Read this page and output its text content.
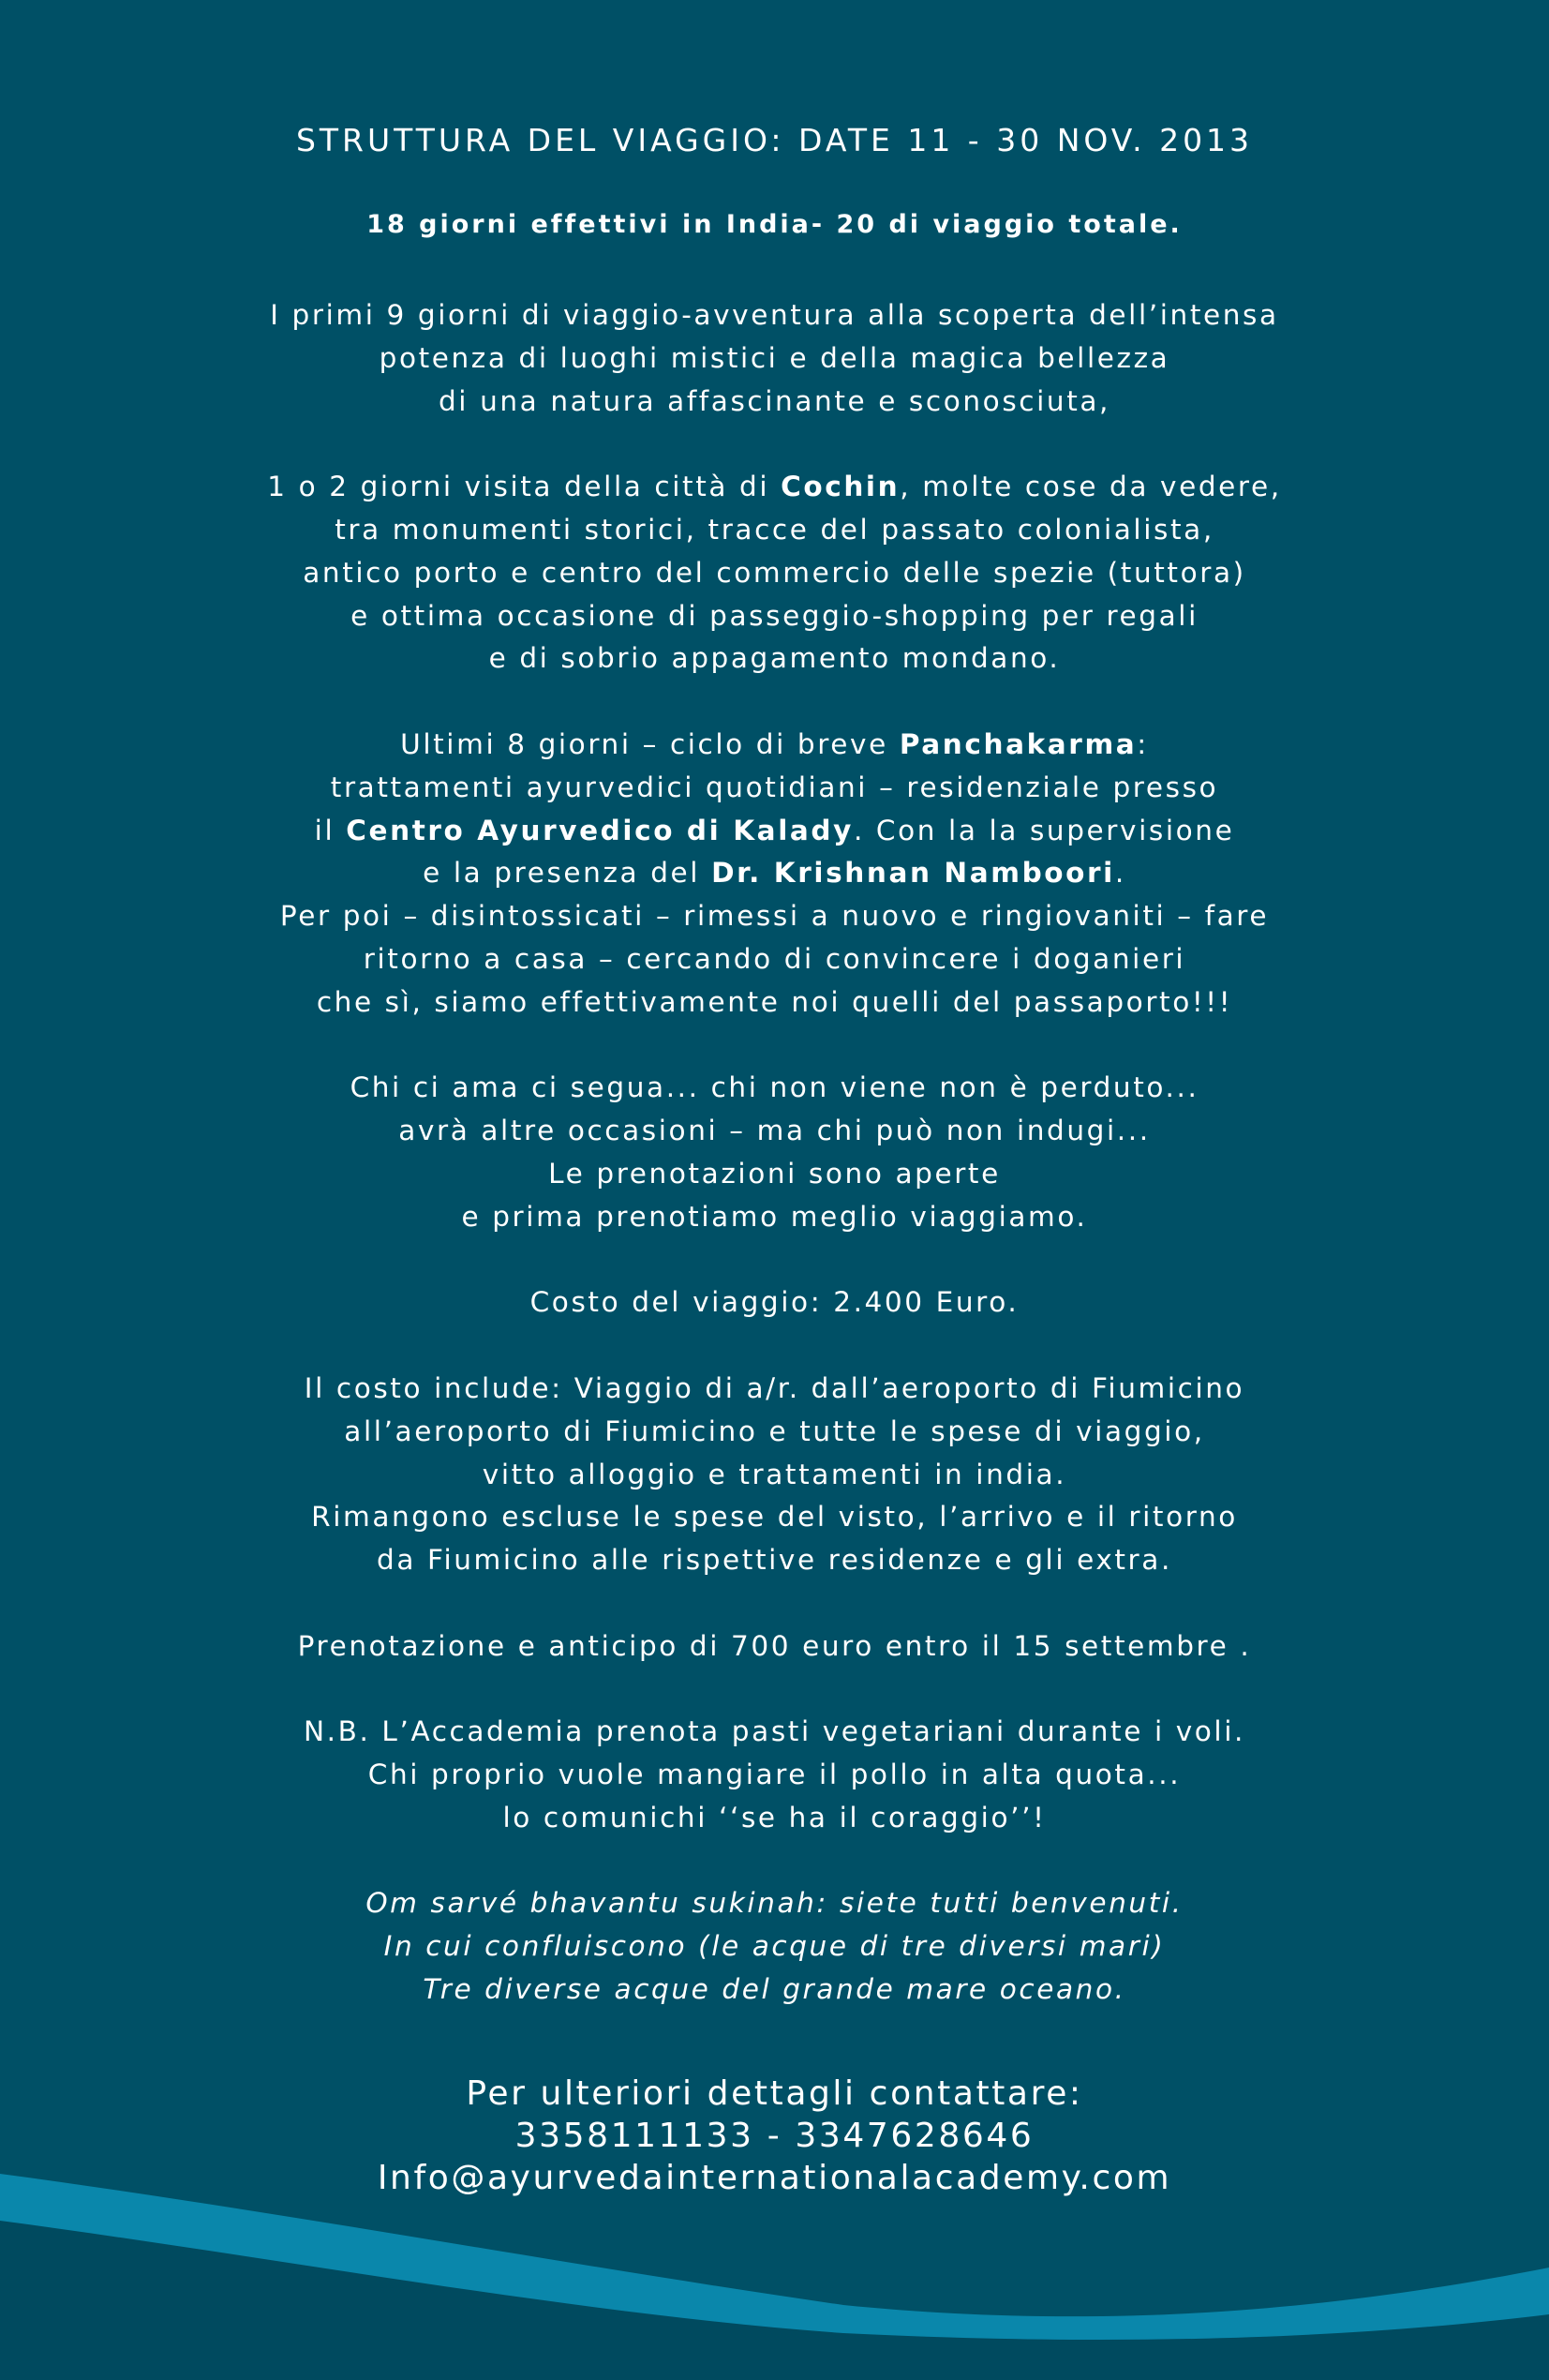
STRUTTURA DEL VIAGGIO: DATE 11 - 30 NOV. 2013
18 giorni effettivi in India- 20 di viaggio totale.
I primi 9 giorni di viaggio-avventura alla scoperta dell’intensa
potenza di luoghi mistici e della magica bellezza
di una natura affascinante e sconosciuta,
1 o 2 giorni visita della città di Cochin, molte cose da vedere,
tra monumenti storici, tracce del passato colonialista,
antico porto e centro del commercio delle spezie (tuttora)
e ottima occasione di passeggio-shopping per regali
e di sobrio appagamento mondano.
Ultimi 8 giorni – ciclo di breve Panchakarma:
trattamenti ayurvedici quotidiani – residenziale presso
il Centro Ayurvedico di Kalady. Con la la supervisione
e la presenza del Dr. Krishnan Namboori.
Per poi – disintossicati – rimessi a nuovo e ringiovaniti – fare
ritorno a casa – cercando di convincere i doganieri
che sì, siamo effettivamente noi quelli del passaporto!!!
Chi ci ama ci segua... chi non viene non è perduto...
avrà altre occasioni – ma chi può non indugi...
Le prenotazioni sono aperte
e prima prenotiamo meglio viaggiamo.
Costo del viaggio: 2.400 Euro.
Il costo include: Viaggio di a/r. dall’aeroporto di Fiumicino
all’aeroporto di Fiumicino e tutte le spese di viaggio,
vitto alloggio e trattamenti in india.
Rimangono escluse le spese del visto, l’arrivo e il ritorno
da Fiumicino alle rispettive residenze e gli extra.
Prenotazione e anticipo di 700 euro entro il 15 settembre .
N.B. L’Accademia prenota pasti vegetariani durante i voli.
Chi proprio vuole mangiare il pollo in alta quota...
lo comunichi ‘‘se ha il coraggio’’!
Om sarvé bhavantu sukinah: siete tutti benvenuti.
In cui confluiscono (le acque di tre diversi mari)
Tre diverse acque del grande mare oceano.
Per ulteriori dettagli contattare:
3358111133 - 3347628646
Info@ayurvedainternationalacademy.com
